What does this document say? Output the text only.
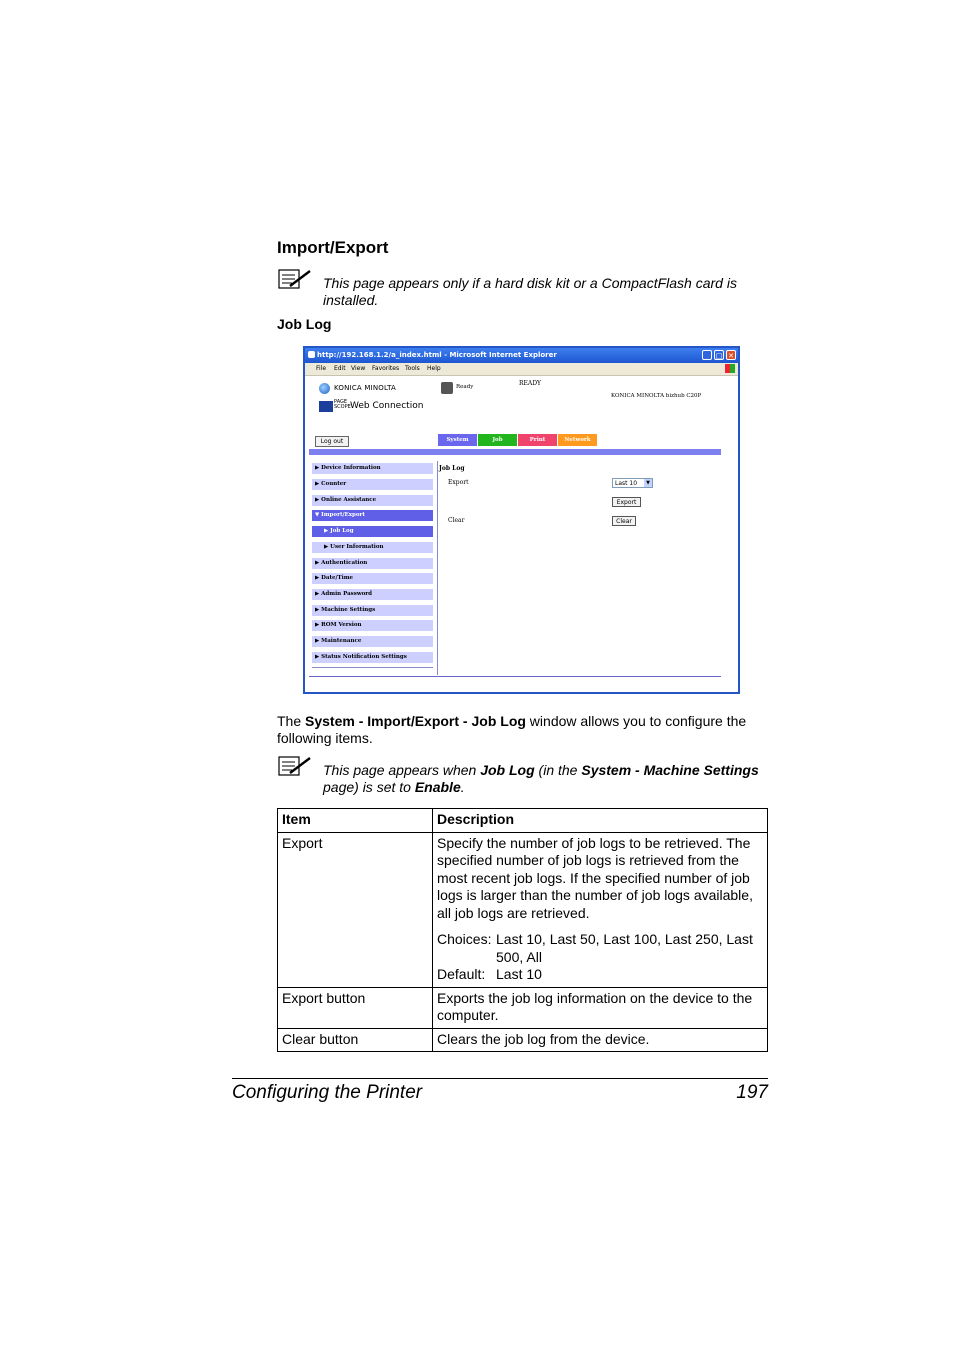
Import/Export
This page appears only if a hard disk kit or a CompactFlash card is installed.
Job Log
http://192.168.1.2/a_index.html - Microsoft Internet Explorer	_ □ ✕
File Edit View Favorites Tools Help
KONICA MINOLTA
PAGE SCOPE Web Connection
Ready	READY
KONICA MINOLTA bizhub C20P
Log out	System	Job	Print	Network
▶ Device Information
▶ Counter
▶ Online Assistance
▼ Import/Export
▶ Job Log
▶ User Information
▶ Authentication
▶ Date/Time
▶ Admin Password
▶ Machine Settings
▶ ROM Version
▶ Maintenance
▶ Status Notification Settings
Job Log
Export
Clear
Last 10	▼
Export
Clear
The System - Import/Export - Job Log window allows you to configure the following items.
This page appears when Job Log (in the System - Machine Settings page) is set to Enable.
Item	Description
Export	Specify the number of job logs to be retrieved. The specified number of job logs is retrieved from the most recent job logs. If the specified number of job logs is larger than the number of job logs available, all job logs are retrieved.
Choices: Last 10, Last 50, Last 100, Last 250, Last 500, All
Default: Last 10

Export button	Exports the job log information on the device to the computer.
Clear button	Clears the job log from the device.
Configuring the Printer	197
